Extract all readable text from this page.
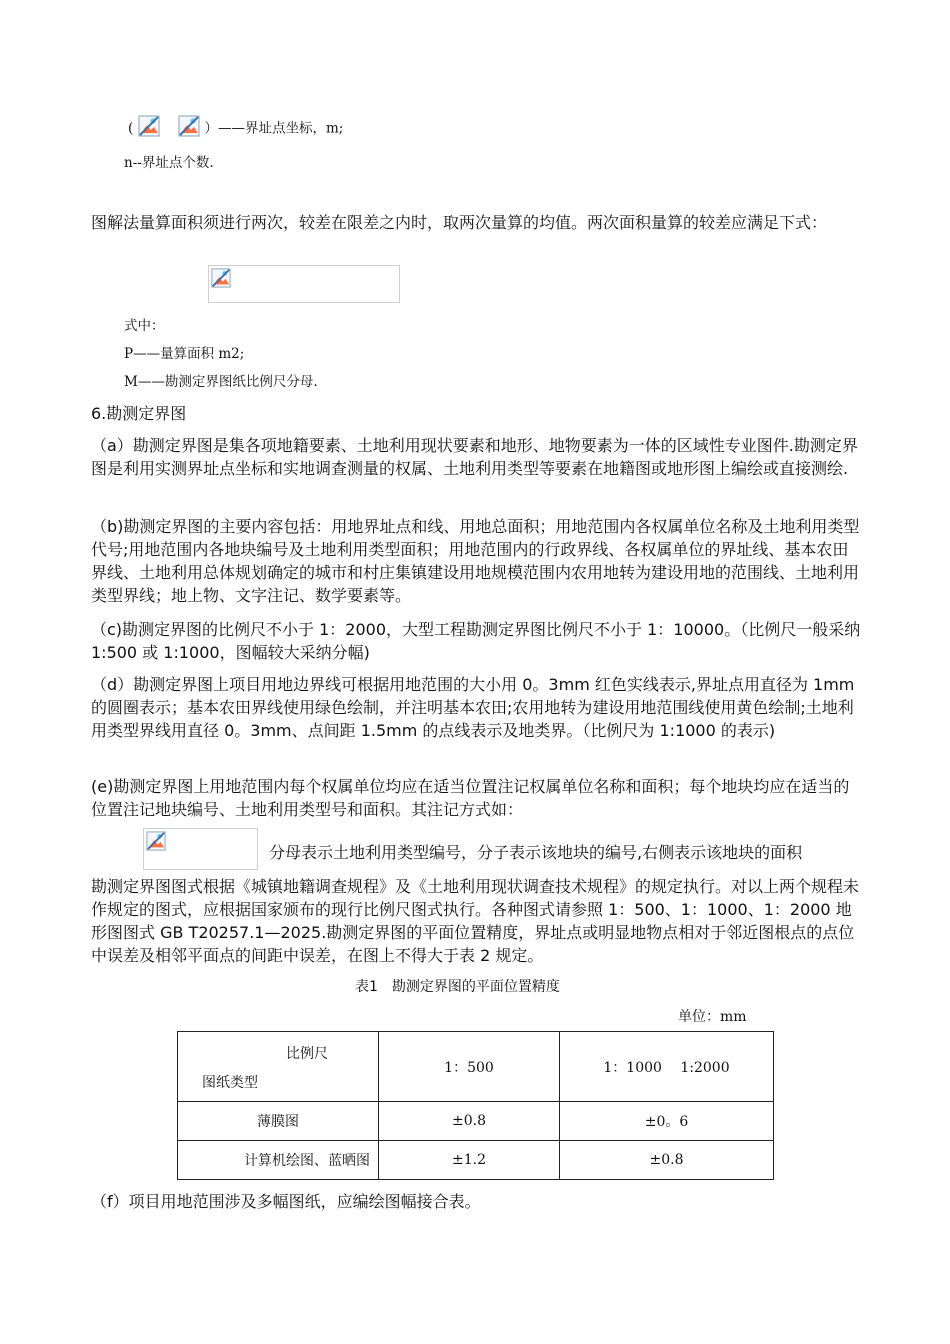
(	）——界址点坐标，m;
n--界址点个数.
图解法量算面积须进行两次，较差在限差之内时，取两次量算的均值。两次面积量算的较差应满足下式：
式中：
P——量算面积 m2;
M——勘测定界图纸比例尺分母.
6.勘测定界图
（a）勘测定界图是集各项地籍要素、土地利用现状要素和地形、地物要素为一体的区域性专业图件.勘测定界图是利用实测界址点坐标和实地调查测量的权属、土地利用类型等要素在地籍图或地形图上编绘或直接测绘.
（b)勘测定界图的主要内容包括：用地界址点和线、用地总面积；用地范围内各权属单位名称及土地利用类型代号;用地范围内各地块编号及土地利用类型面积；用地范围内的行政界线、各权属单位的界址线、基本农田界线、土地利用总体规划确定的城市和村庄集镇建设用地规模范围内农用地转为建设用地的范围线、土地利用类型界线；地上物、文字注记、数学要素等。
（c)勘测定界图的比例尺不小于 1：2000，大型工程勘测定界图比例尺不小于 1：10000。（比例尺一般采纳 1:500 或 1:1000，图幅较大采纳分幅)
（d）勘测定界图上项目用地边界线可根据用地范围的大小用 0。3mm 红色实线表示,界址点用直径为 1mm 的圆圈表示；基本农田界线使用绿色绘制，并注明基本农田;农用地转为建设用地范围线使用黄色绘制;土地利用类型界线用直径 0。3mm、点间距 1.5mm 的点线表示及地类界。（比例尺为 1:1000 的表示)
(e)勘测定界图上用地范围内每个权属单位均应在适当位置注记权属单位名称和面积；每个地块均应在适当的位置注记地块编号、土地利用类型号和面积。其注记方式如：
分母表示土地利用类型编号，分子表示该地块的编号,右侧表示该地块的面积
勘测定界图图式根据《城镇地籍调查规程》及《土地利用现状调查技术规程》的规定执行。对以上两个规程未作规定的图式，应根据国家颁布的现行比例尺图式执行。各种图式请参照 1：500、1：1000、1：2000 地形图图式 GB T20257.1—2025.勘测定界图的平面位置精度，界址点或明显地物点相对于邻近图根点的点位中误差及相邻平面点的间距中误差，在图上不得大于表 2 规定。
表1　勘测定界图的平面位置精度
单位：mm
比例尺
图纸类型	1：500	1：1000　 1:2000
薄膜图	±0.8	±0。6
计算机绘图、蓝晒图	±1.2	±0.8
（f）项目用地范围涉及多幅图纸，应编绘图幅接合表。
